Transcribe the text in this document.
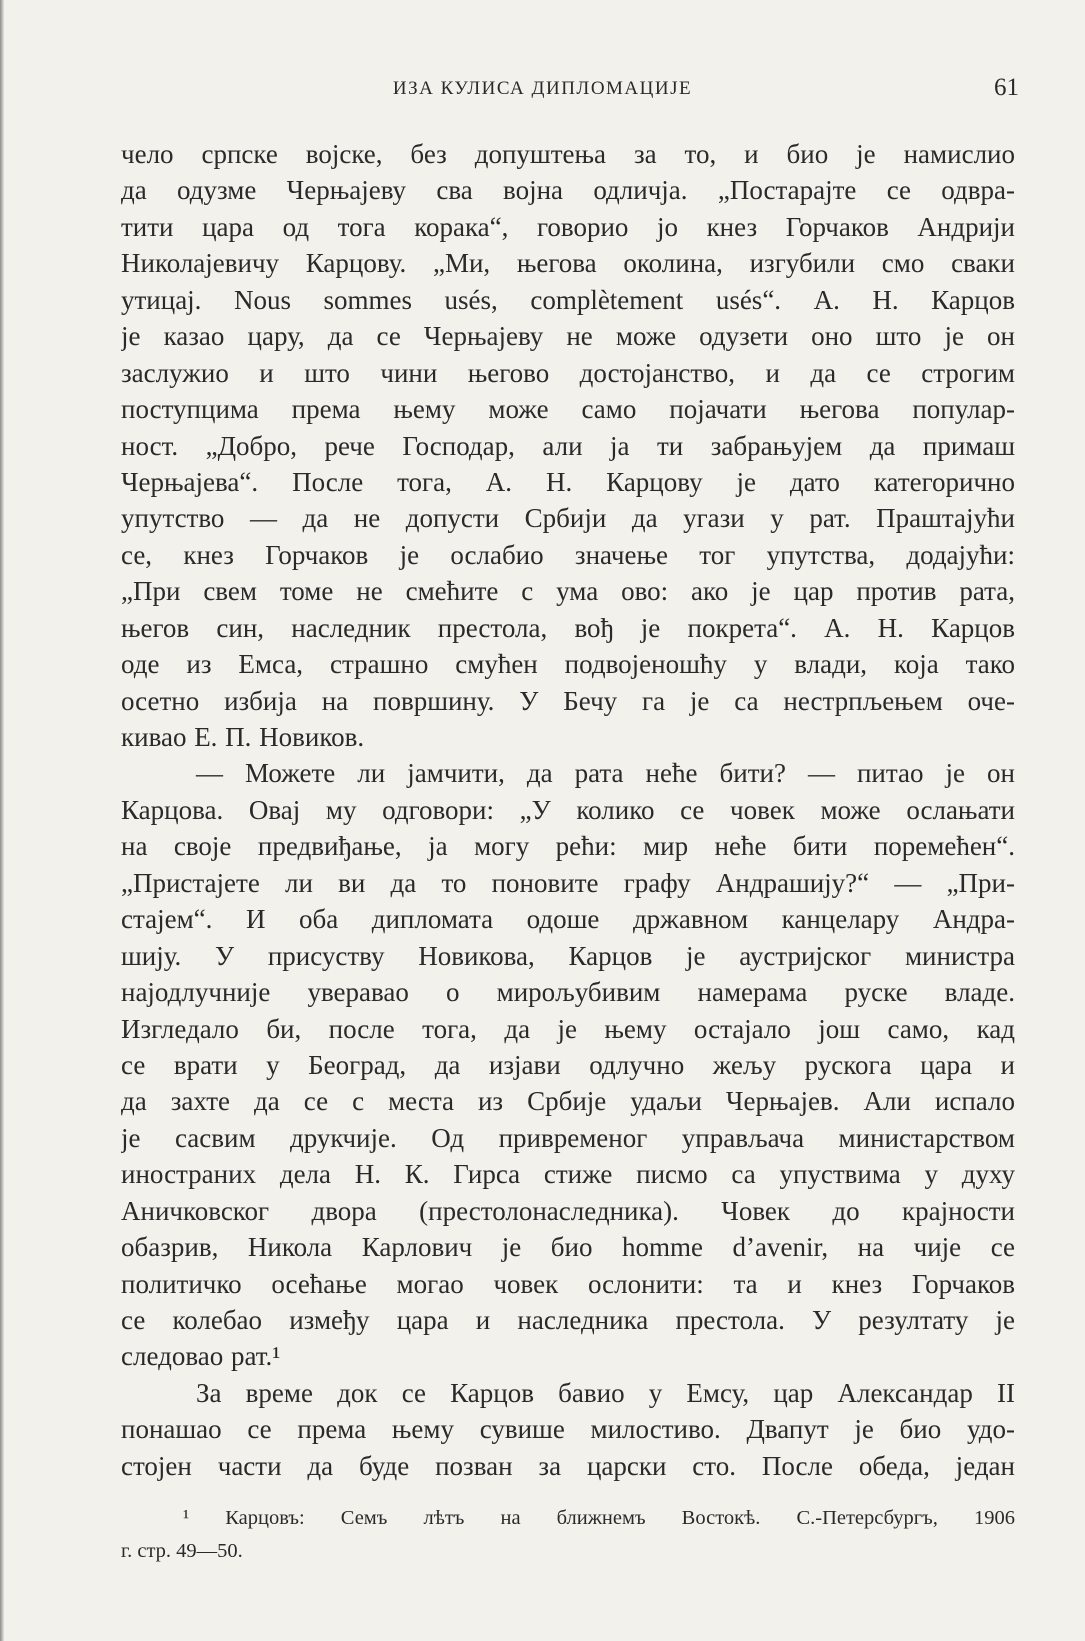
ИЗА КУЛИСА ДИПЛОМАЦИЈЕ	61
чело српске војске, без допуштења за то, и био је намислио
да одузме Черњајеву сва војна одличја. „Постарајте се одвра-
тити цара од тога корака“, говорио јо кнез Горчаков Андрији
Николајевичу Карцову. „Ми, његова околина, изгубили смо сваки
утицај. Nous sommes usés, complètement usés“. А. Н. Карцов
је казао цару, да се Черњајеву не може одузети оно што је он
заслужио и што чини његово достојанство, и да се строгим
поступцима према њему може само појачати његова популар-
ност. „Добро, рече Господар, али ја ти забрањујем да примаш
Черњајева“. После тога, А. Н. Карцову је дато категорично
упутство — да не допусти Србији да угази у рат. Праштајући
се, кнез Горчаков је ослабио значење тог упутства, додајући:
„При свем томе не смећите с ума ово: ако је цар против рата,
његов син, наследник престола, вођ је покрета“. А. Н. Карцов
оде из Емса, страшно смућен подвојеношћу у влади, која тако
осетно избија на површину. У Бечу га је са нестрпљењем оче-
кивао Е. П. Новиков.
— Можете ли јамчити, да рата неће бити? — питао је он
Карцова. Овај му одговори: „У колико се човек може ослањати
на своје предвиђање, ја могу рећи: мир неће бити поремећен“.
„Пристајете ли ви да то поновите графу Андрашију?“ — „При-
стајем“. И оба дипломата одоше државном канцелару Андра-
шију. У присуству Новикова, Карцов је аустријског министра
најодлучније уверавао о мирољубивим намерама руске владе.
Изгледало би, после тога, да је њему остајало још само, кад
се врати у Београд, да изјави одлучно жељу рускога цара и
да захте да се с места из Србије удаљи Черњајев. Али испало
је сасвим друкчије. Од привременог управљача министарством
иностраних дела Н. К. Гирса стиже писмо са упуствима у духу
Аничковског двора (престолонаследника). Човек до крајности
обазрив, Никола Карлович је био homme d’avenir, на чије се
политичко осећање могао човек ослонити: та и кнез Горчаков
се колебао између цара и наследника престола. У резултату је
следовао рат.¹
За време док се Карцов бавио у Емсу, цар Александар II
понашао се према њему сувише милостиво. Двапут је био удо-
стојен части да буде позван за царски сто. После обеда, један
¹ Карцовъ: Семъ лѣтъ на ближнемъ Востокѣ. С.-Петерсбургъ, 1906
г. стр. 49—50.
